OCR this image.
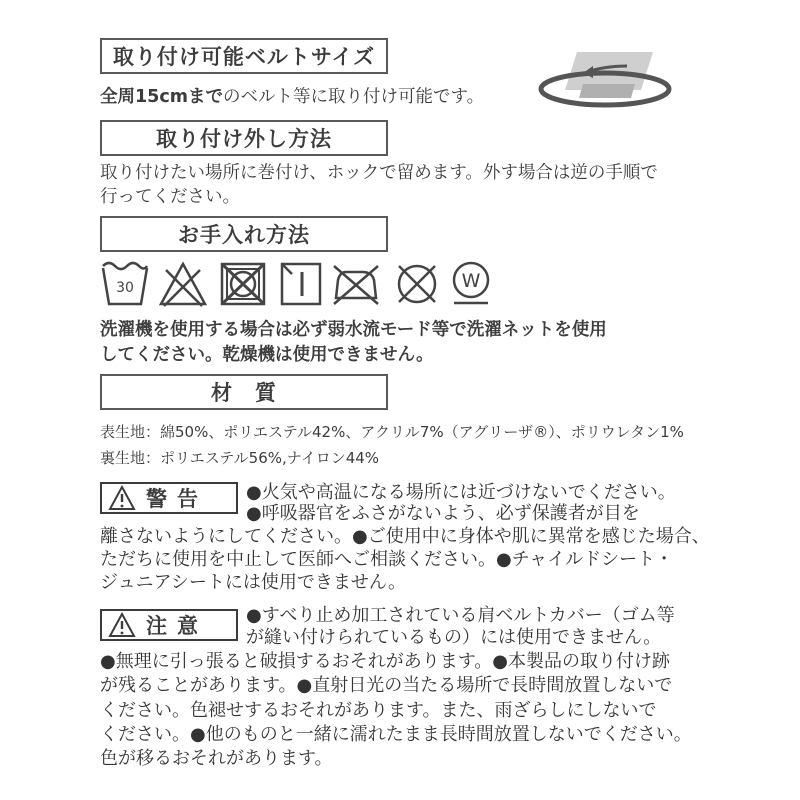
取り付け可能ベルトサイズ
全周15cmまでのベルト等に取り付け可能です。
取り付け外し方法
取り付けたい場所に巻付け、ホックで留めます。外す場合は逆の手順で
行ってください。
お手入れ方法
30	W
洗濯機を使用する場合は必ず弱水流モード等で洗濯ネットを使用
してください。乾燥機は使用できません。
材　質
表生地：綿50%、ポリエステル42%、アクリル7%（アグリーザ®）、ポリウレタン1%
裏生地：ポリエステル56%,ナイロン44%
警告 ●火気や高温になる場所には近づけないでください。
●呼吸器官をふさがないよう、必ず保護者が目を
離さないようにしてください。●ご使用中に身体や肌に異常を感じた場合、
ただちに使用を中止して医師へご相談ください。●チャイルドシート・
ジュニアシートには使用できません。
注意 ●すべり止め加工されている肩ベルトカバー（ゴム等
が縫い付けられているもの）には使用できません。
●無理に引っ張ると破損するおそれがあります。●本製品の取り付け跡
が残ることがあります。●直射日光の当たる場所で長時間放置しないで
ください。色褪せするおそれがあります。また、雨ざらしにしないで
ください。●他のものと一緒に濡れたまま長時間放置しないでください。
色が移るおそれがあります。
